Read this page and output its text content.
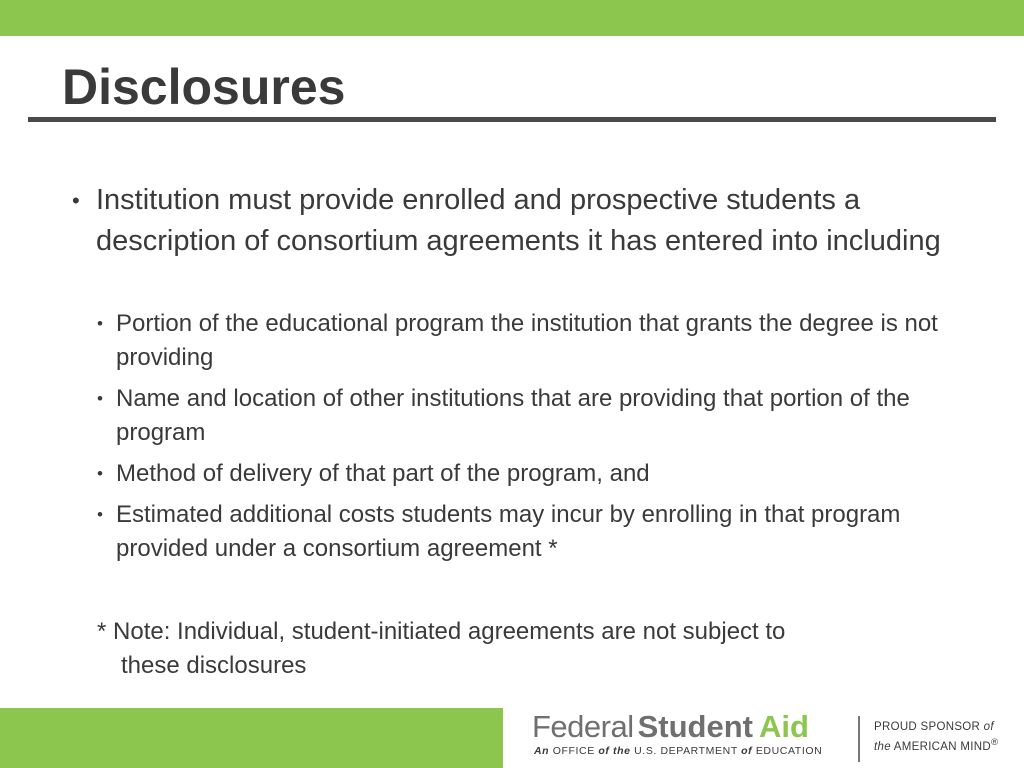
Disclosures
• Institution must provide enrolled and prospective students a description of consortium agreements it has entered into including
• Portion of the educational program the institution that grants the degree is not providing
• Name and location of other institutions that are providing that portion of the program
• Method of delivery of that part of the program, and
• Estimated additional costs students may incur by enrolling in that program provided under a consortium agreement *
* Note: Individual, student-initiated agreements are not subject to
these disclosures
Federal Student Aid
An OFFICE of the U.S. DEPARTMENT of EDUCATION
PROUD SPONSOR of
the AMERICAN MIND®
